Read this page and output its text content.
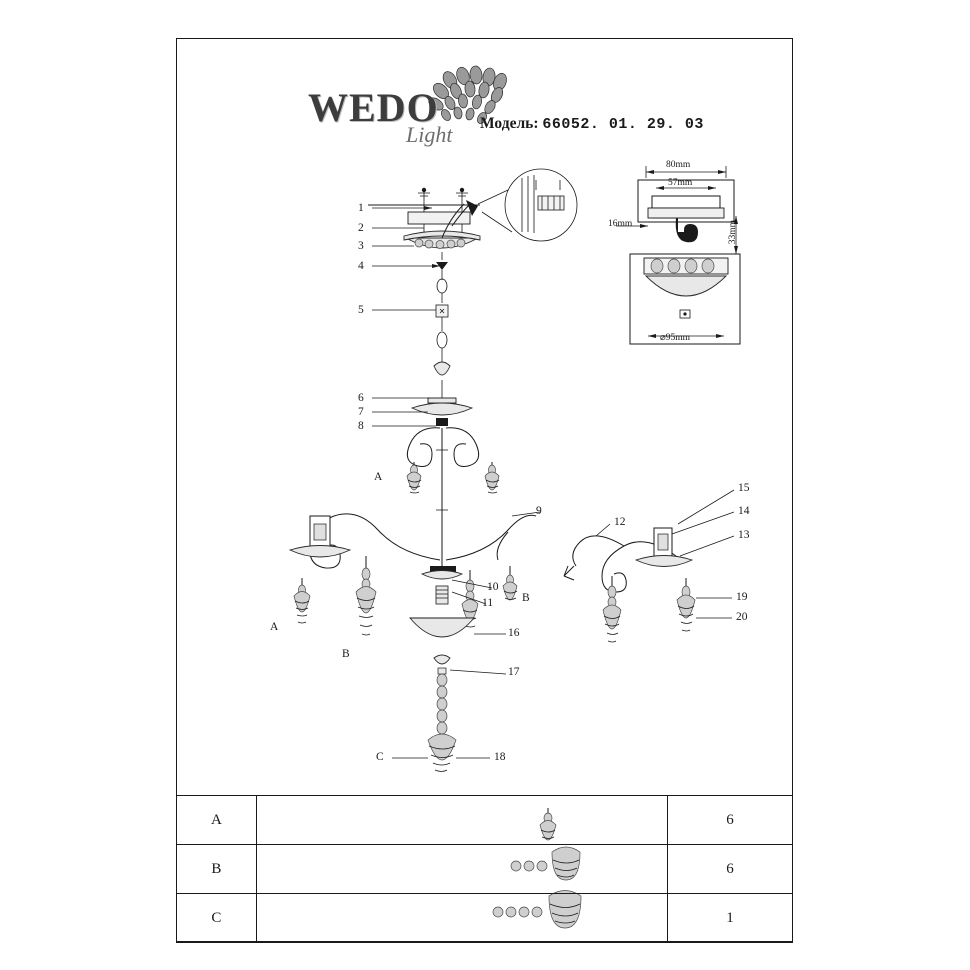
WEDO
Light Модель: 66052. 01. 29. 03
1
2
3
4
5
6
7
8
9
10
11
16
17
18
12
13
14
15
19
20
A
A
B
B
C
80mm
57mm
16mm	33mm
⌀95mm
A		6
B		6
C		1
